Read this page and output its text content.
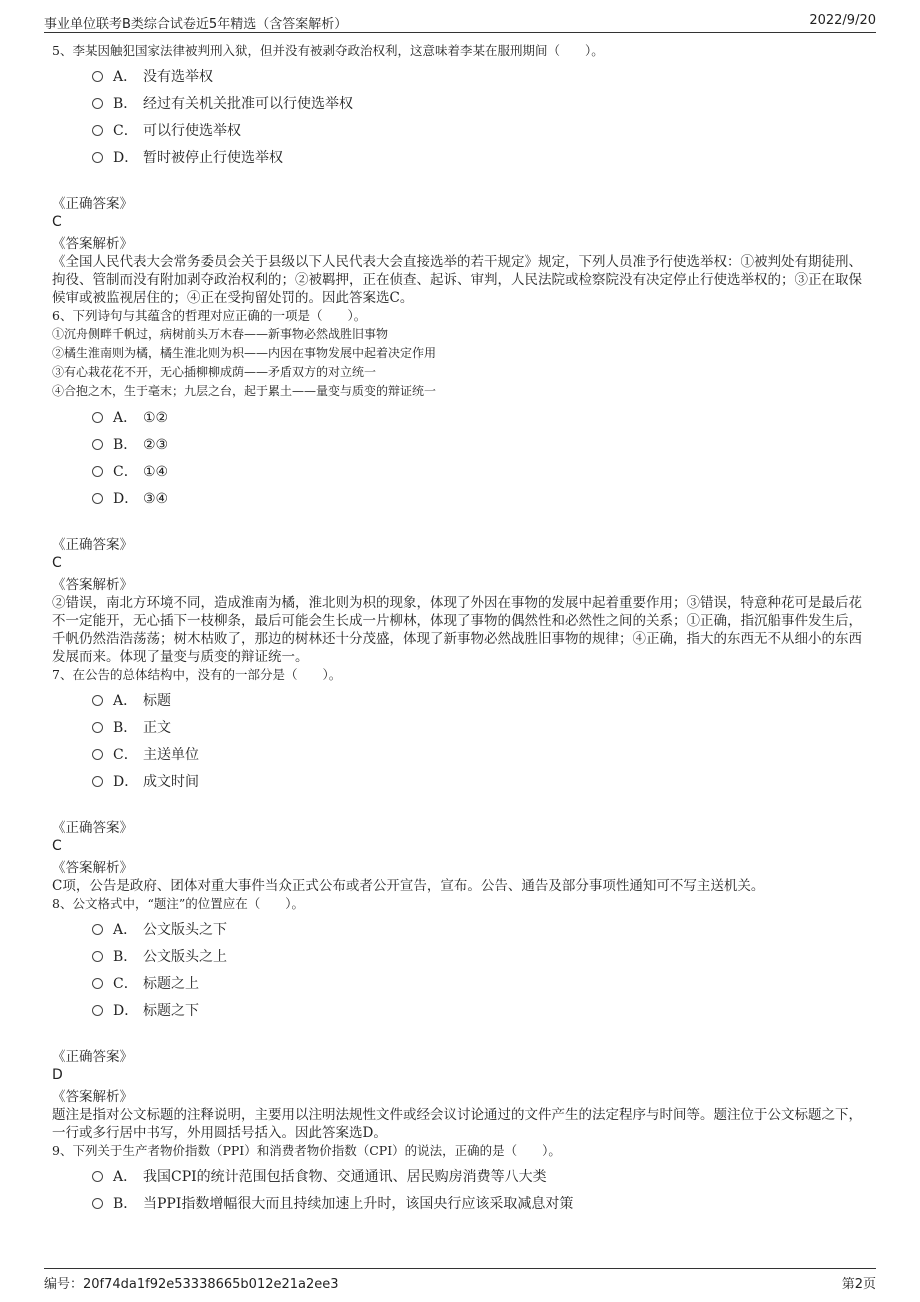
事业单位联考B类综合试卷近5年精选（含答案解析）	2022/9/20
5、李某因触犯国家法律被判刑入狱，但并没有被剥夺政治权利，这意味着李某在服刑期间（　　）。
A． 没有选举权
B． 经过有关机关批准可以行使选举权
C． 可以行使选举权
D． 暂时被停止行使选举权
《正确答案》
C
《答案解析》
《全国人民代表大会常务委员会关于县级以下人民代表大会直接选举的若干规定》规定，下列人员准予行使选举权：①被判处有期徒刑、拘役、管制而没有附加剥夺政治权利的；②被羁押，正在侦查、起诉、审判，人民法院或检察院没有决定停止行使选举权的；③正在取保候审或被监视居住的；④正在受拘留处罚的。因此答案选C。
6、下列诗句与其蕴含的哲理对应正确的一项是（　　）。
①沉舟侧畔千帆过，病树前头万木春——新事物必然战胜旧事物
②橘生淮南则为橘，橘生淮北则为枳——内因在事物发展中起着决定作用
③有心栽花花不开，无心插柳柳成荫——矛盾双方的对立统一
④合抱之木，生于毫末；九层之台，起于累土——量变与质变的辩证统一
A． ①②
B． ②③
C． ①④
D． ③④
《正确答案》
C
《答案解析》
②错误，南北方环境不同，造成淮南为橘，淮北则为枳的现象，体现了外因在事物的发展中起着重要作用；③错误，特意种花可是最后花不一定能开，无心插下一枝柳条，最后可能会生长成一片柳林，体现了事物的偶然性和必然性之间的关系；①正确，指沉船事件发生后，千帆仍然浩浩荡荡；树木枯败了，那边的树林还十分茂盛，体现了新事物必然战胜旧事物的规律；④正确，指大的东西无不从细小的东西发展而来。体现了量变与质变的辩证统一。
7、在公告的总体结构中，没有的一部分是（　　）。
A． 标题
B． 正文
C． 主送单位
D． 成文时间
《正确答案》
C
《答案解析》
C项，公告是政府、团体对重大事件当众正式公布或者公开宣告，宣布。公告、通告及部分事项性通知可不写主送机关。
8、公文格式中，“题注”的位置应在（　　）。
A． 公文版头之下
B． 公文版头之上
C． 标题之上
D． 标题之下
《正确答案》
D
《答案解析》
题注是指对公文标题的注释说明，主要用以注明法规性文件或经会议讨论通过的文件产生的法定程序与时间等。题注位于公文标题之下，一行或多行居中书写，外用圆括号括入。因此答案选D。
9、下列关于生产者物价指数（PPI）和消费者物价指数（CPI）的说法，正确的是（　　）。
A． 我国CPI的统计范围包括食物、交通通讯、居民购房消费等八大类
B． 当PPI指数增幅很大而且持续加速上升时，该国央行应该采取减息对策
编号：20f74da1f92e53338665b012e21a2ee3	第2页
